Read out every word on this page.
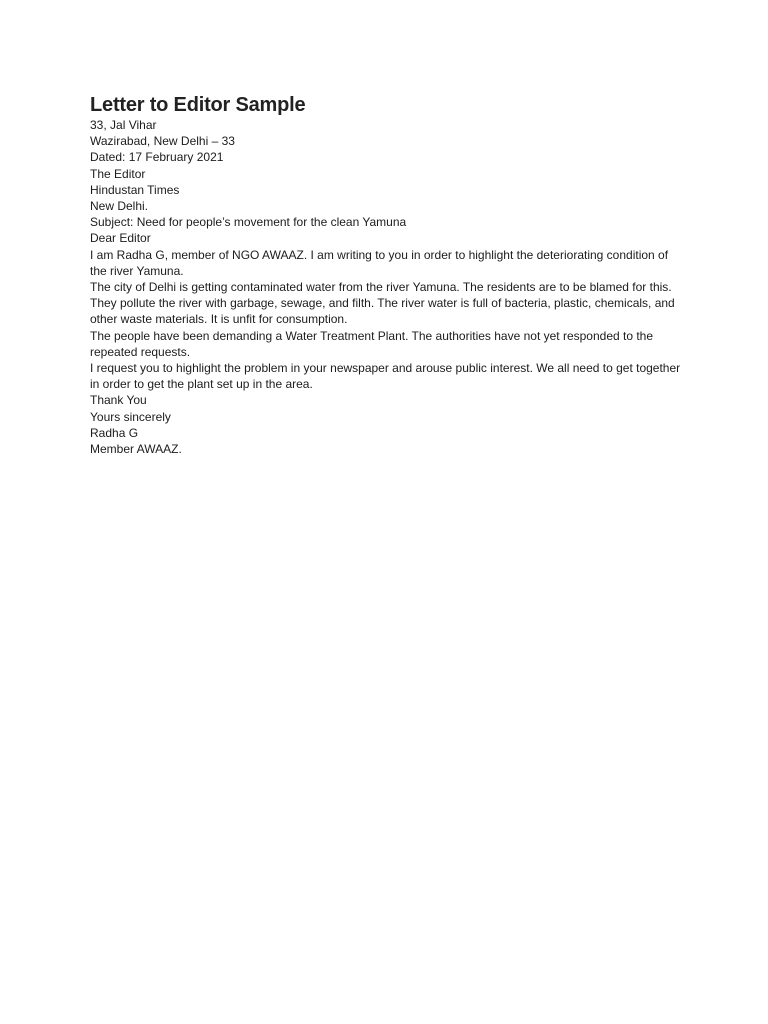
Letter to Editor Sample

33, Jal Vihar

Wazirabad, New Delhi – 33

Dated: 17 February 2021

The Editor

Hindustan Times

New Delhi.

Subject: Need for people’s movement for the clean Yamuna

Dear Editor

I am Radha G, member of NGO AWAAZ. I am writing to you in order to highlight the deteriorating condition of the river Yamuna.

The city of Delhi is getting contaminated water from the river Yamuna. The residents are to be blamed for this. They pollute the river with garbage, sewage, and filth. The river water is full of bacteria, plastic, chemicals, and other waste materials. It is unfit for consumption.

The people have been demanding a Water Treatment Plant. The authorities have not yet responded to the repeated requests.

I request you to highlight the problem in your newspaper and arouse public interest. We all need to get together in order to get the plant set up in the area.

Thank You

Yours sincerely

Radha G

Member AWAAZ.
